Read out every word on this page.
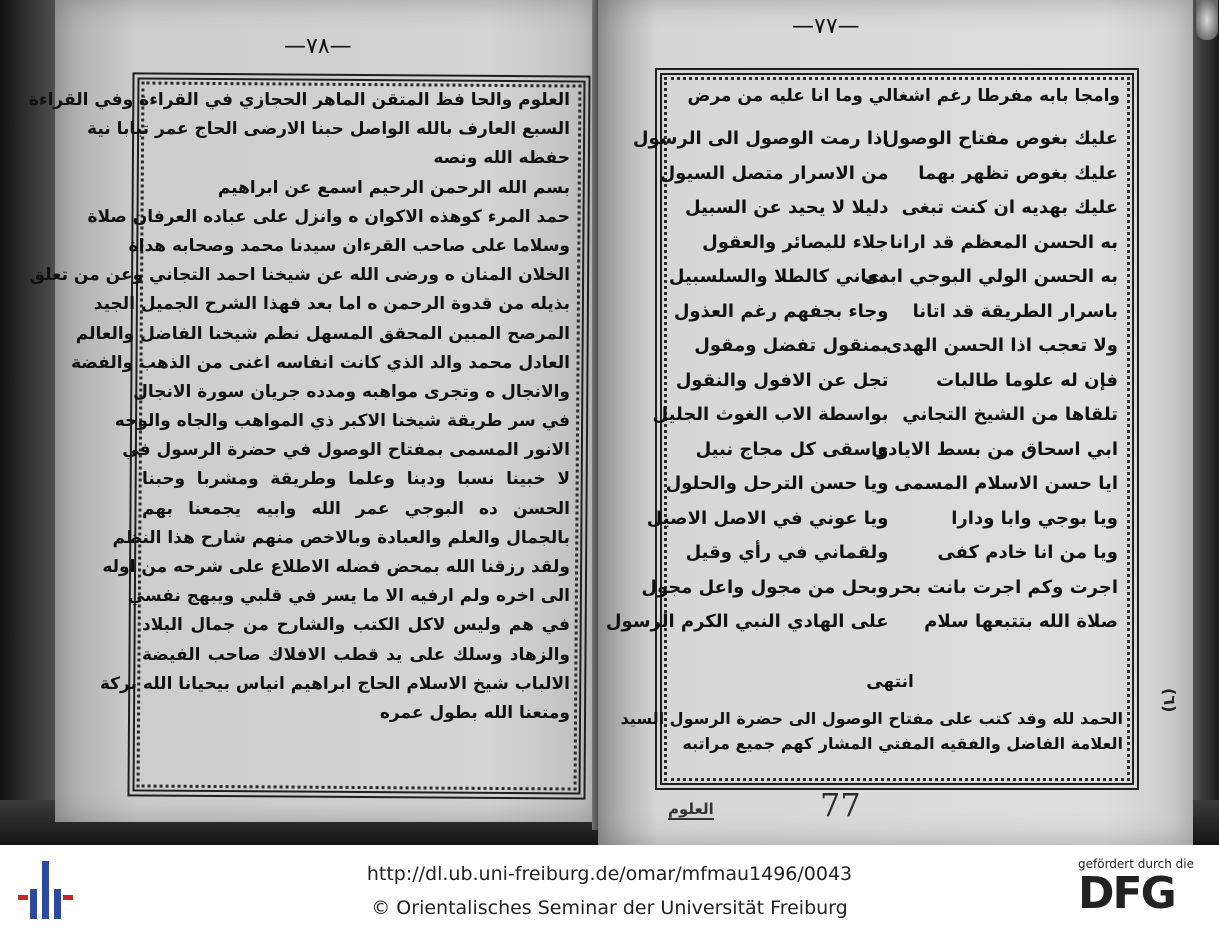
—٧٨—
العلوم والحا فظ المتقن الماهر الحجازي في القراءة وفي القراءة
السبع العارف بالله الواصل حبنا الارضى الحاج عمر تيابا نية
حفظه الله ونصه
بسم الله الرحمن الرحيم اسمع عن ابراهيم
حمد المرء كوهذه الاكوان ه وانزل على عباده العرفان صلاة
وسلاما على صاحب القرءان سيدنا محمد وصحابه هداة
الخلان المنان ه ورضى الله عن شيخنا احمد التجاني وعن من تعلق
بذيله من قدوة الرحمن ه اما بعد فهذا الشرح الجميل الجيد
المرصح المبين المحقق المسهل نظم شيخنا الفاضل والعالم
العادل محمد والد الذي كانت انفاسه اغنى من الذهب والفضة
والانجال ه وتجرى مواهبه ومدده جريان سورة الانجال
في سر طريقة شيخنا الاكبر ذي المواهب والجاه والوجه
الانور المسمى بمفتاح الوصول في حضرة الرسول في
لا خبينا نسبا ودينا وعلما وطريقة ومشربا وحبنا
الحسن ده البوجي عمر الله وابيه يجمعنا بهم
بالجمال والعلم والعبادة وبالاخص منهم شارح هذا النظم
ولقد رزقنا الله بمحض فضله الاطلاع على شرحه من اوله
الى اخره ولم ارفيه الا ما يسر في قلبي ويبهج نفسي
في هم وليس لاكل الكتب والشارح من جمال البلاد
والزهاد وسلك على يد قطب الافلاك صاحب الفيضة
الالباب شيخ الاسلام الحاج ابراهيم انياس بيحيانا الله بركة
ومتعنا الله بطول عمره
—٧٧—
وامجا بابه مفرطا رغم اشغالي وما انا عليه من مرض
عليك بغوص مفتاح الوصول
اذا رمت الوصول الى الرسول
عليك بغوص تظهر بهما
من الاسرار متصل السيول
عليك بهديه ان كنت تبغى
دليلا لا يحيد عن السبيل
به الحسن المعظم قد ارانا
جلاء للبصائر والعقول
به الحسن الولي البوجي ابدى
معاني كالطلا والسلسبيل
باسرار الطريقة قد اتانا
وجاء بجفهم رغم العذول
ولا تعجب اذا الحسن الهدى
بمنقول تفضل ومقول
فإن له علوما طالبات
تجل عن الافول والنقول
تلقاها من الشيخ التجاني
بواسطة الاب الغوث الجليل
ابي اسحاق من بسط الايادي
واسقى كل مجاج نبيل
ايا حسن الاسلام المسمى
ويا حسن الترحل والحلول
ويا بوجي وابا ودارا
ويا عوني في الاصل الاصيل
ويا من انا خادم كفى
ولقماني في رأي وقيل
اجرت وكم اجرت بانت بحر
وبحل من مجول واعل مجول
صلاة الله بتتبعها سلام
على الهادي النبي الكرم الرسول
انتهى
الحمد لله وقد كتب على مفتاح الوصول الى حضرة الرسول السيد
العلامة الفاضل والفقيه المفتي المشار كهم جميع مراتبه
(٦)
العلوم	77
http://dl.ub.uni-freiburg.de/omar/mfmau1496/0043
© Orientalisches Seminar der Universität Freiburg
gefördert durch die
DFG
